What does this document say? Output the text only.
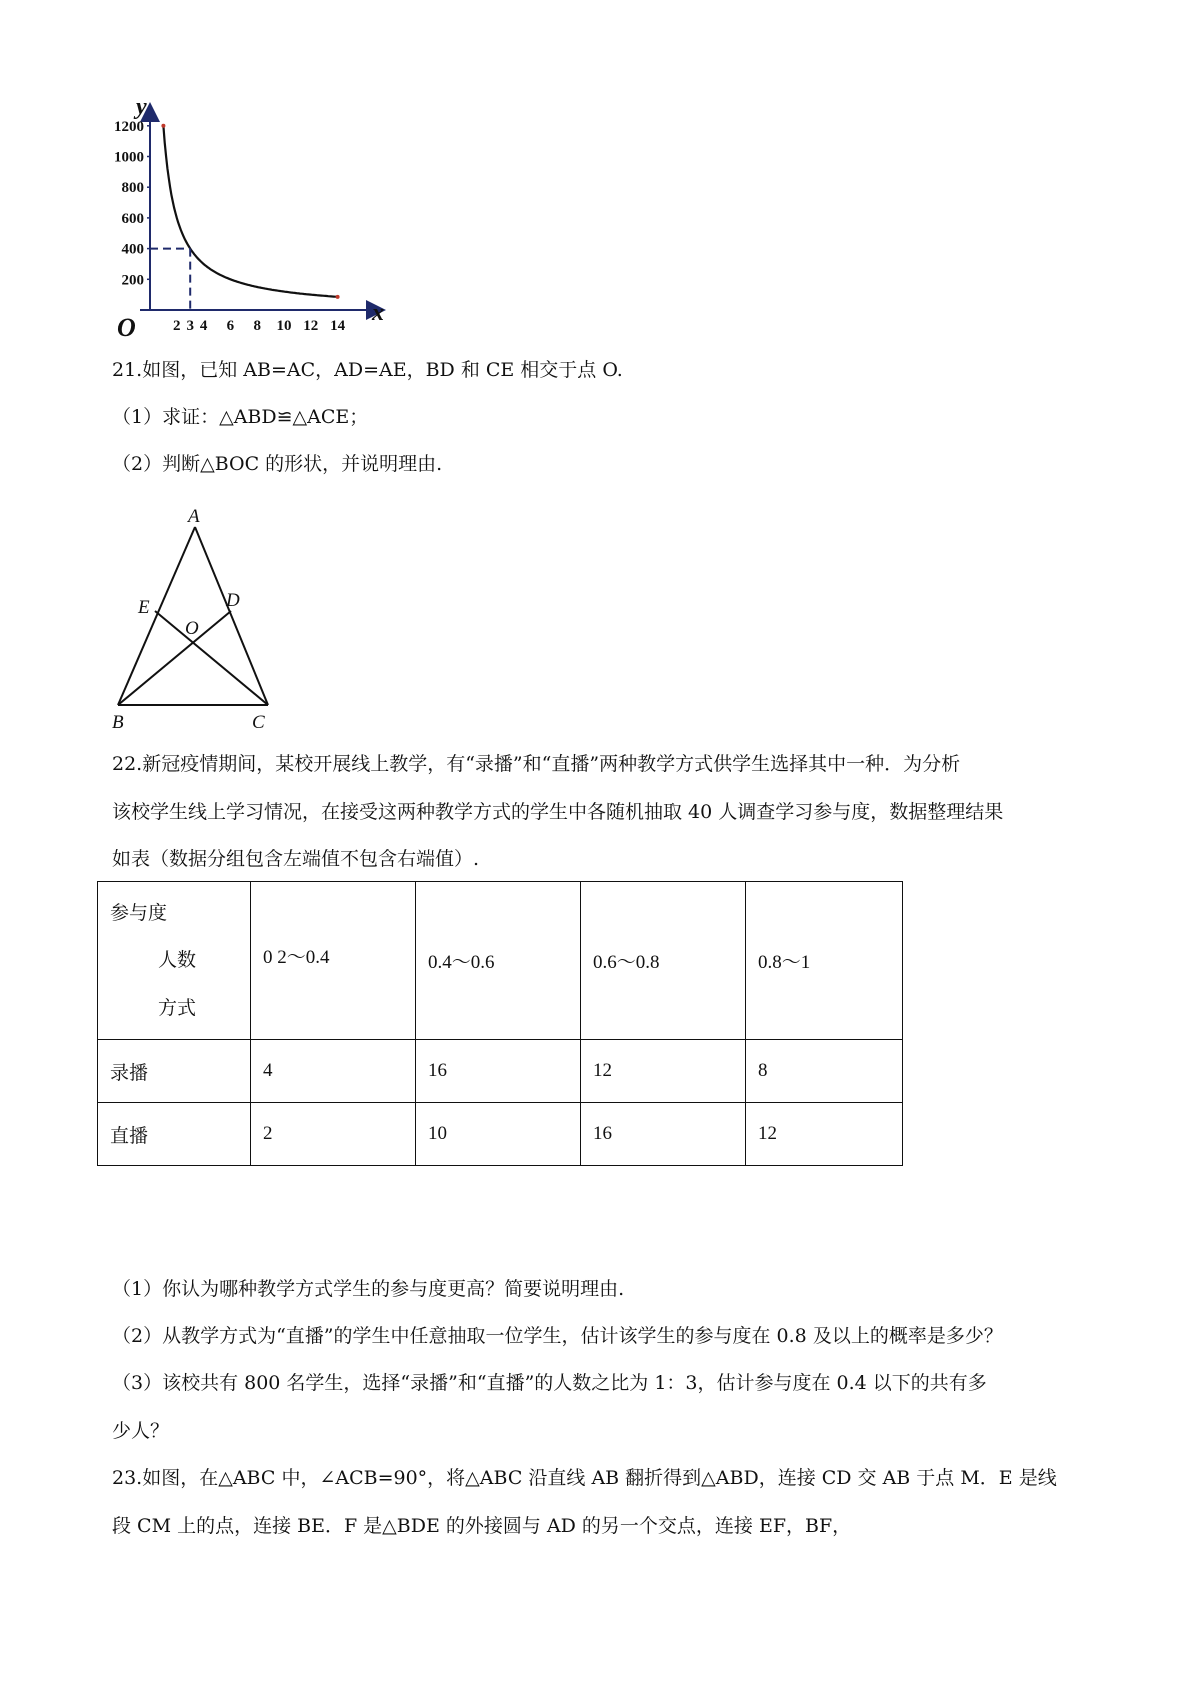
y
x
O
200
400
600
800
1000
1200
2 3 4 6 8 10 12 14
21.如图，已知 AB=AC，AD=AE，BD 和 CE 相交于点 O.
（1）求证：△ABD≌△ACE；
（2）判断△BOC 的形状，并说明理由.
A
B	C
D
E
O
22.新冠疫情期间，某校开展线上教学，有“录播”和“直播”两种教学方式供学生选择其中一种．为分析
该校学生线上学习情况，在接受这两种教学方式的学生中各随机抽取 40 人调查学习参与度，数据整理结果
如表（数据分组包含左端值不包含右端值）.
参与度
人数
方式	0 2～0.4	0.4～0.6	0.6～0.8	0.8～1
录播	4	16	12	8
直播	2	10	16	12
（1）你认为哪种教学方式学生的参与度更高？简要说明理由.
（2）从教学方式为“直播”的学生中任意抽取一位学生，估计该学生的参与度在 0.8 及以上的概率是多少？
（3）该校共有 800 名学生，选择“录播”和“直播”的人数之比为 1：3，估计参与度在 0.4 以下的共有多
少人？
23.如图，在△ABC 中，∠ACB=90°，将△ABC 沿直线 AB 翻折得到△ABD，连接 CD 交 AB 于点 M．E 是线
段 CM 上的点，连接 BE．F 是△BDE 的外接圆与 AD 的另一个交点，连接 EF，BF，
